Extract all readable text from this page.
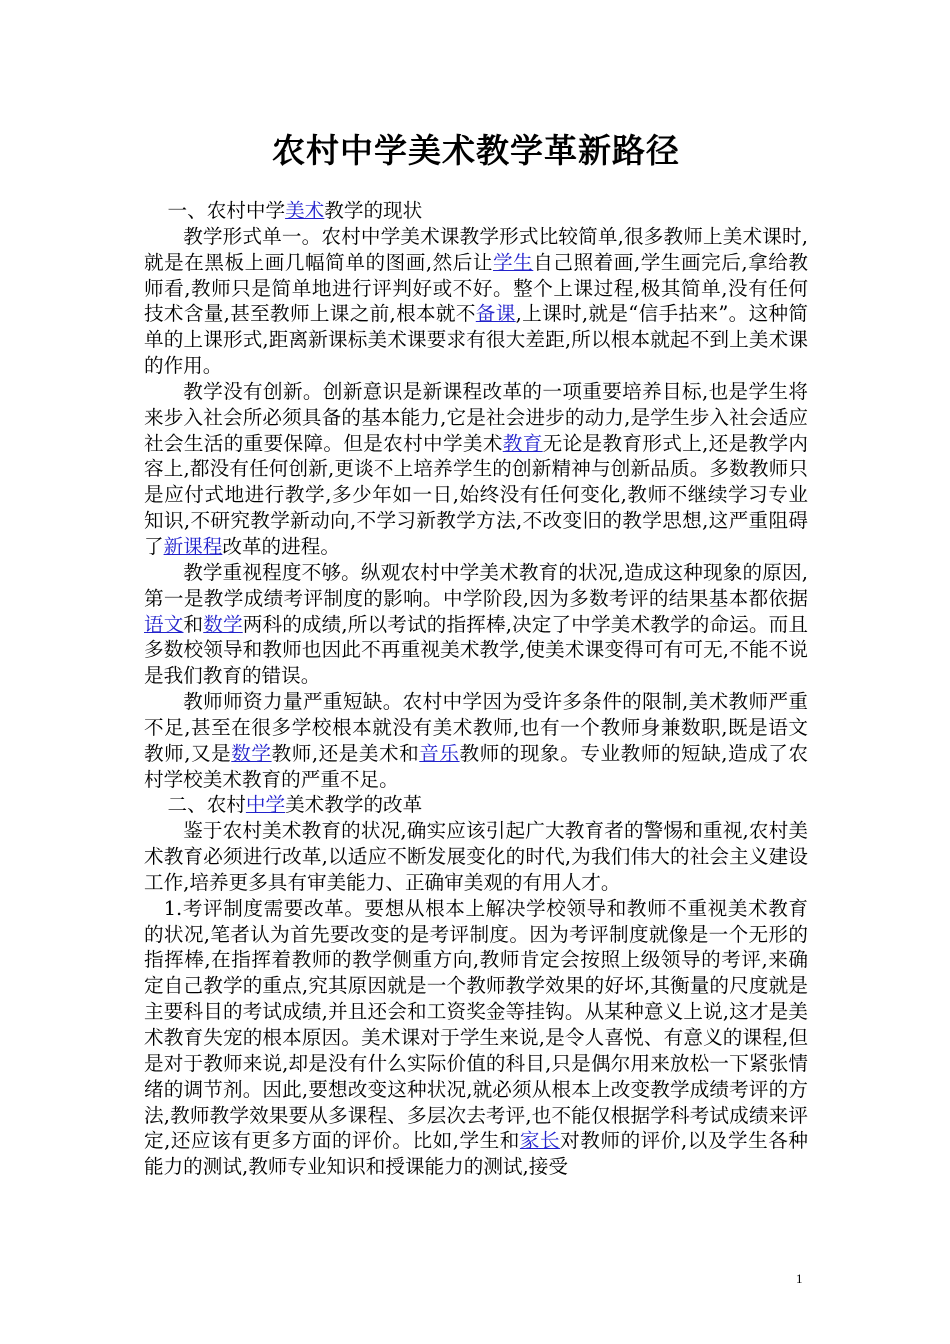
农村中学美术教学革新路径

一、农村中学美术教学的现状

教学形式单一。农村中学美术课教学形式比较简单,很多教师上美术课时,就是在黑板上画几幅简单的图画,然后让学生自己照着画,学生画完后,拿给教师看,教师只是简单地进行评判好或不好。整个上课过程,极其简单,没有任何技术含量,甚至教师上课之前,根本就不备课,上课时,就是“信手拈来”。这种简单的上课形式,距离新课标美术课要求有很大差距,所以根本就起不到上美术课的作用。

教学没有创新。创新意识是新课程改革的一项重要培养目标,也是学生将来步入社会所必须具备的基本能力,它是社会进步的动力,是学生步入社会适应社会生活的重要保障。但是农村中学美术教育无论是教育形式上,还是教学内容上,都没有任何创新,更谈不上培养学生的创新精神与创新品质。多数教师只是应付式地进行教学,多少年如一日,始终没有任何变化,教师不继续学习专业知识,不研究教学新动向,不学习新教学方法,不改变旧的教学思想,这严重阻碍了新课程改革的进程。

教学重视程度不够。纵观农村中学美术教育的状况,造成这种现象的原因,第一是教学成绩考评制度的影响。中学阶段,因为多数考评的结果基本都依据语文和数学两科的成绩,所以考试的指挥棒,决定了中学美术教学的命运。而且多数校领导和教师也因此不再重视美术教学,使美术课变得可有可无,不能不说是我们教育的错误。

教师师资力量严重短缺。农村中学因为受许多条件的限制,美术教师严重不足,甚至在很多学校根本就没有美术教师,也有一个教师身兼数职,既是语文教师,又是数学教师,还是美术和音乐教师的现象。专业教师的短缺,造成了农村学校美术教育的严重不足。

二、农村中学美术教学的改革

鉴于农村美术教育的状况,确实应该引起广大教育者的警惕和重视,农村美术教育必须进行改革,以适应不断发展变化的时代,为我们伟大的社会主义建设工作,培养更多具有审美能力、正确审美观的有用人才。

1.考评制度需要改革。要想从根本上解决学校领导和教师不重视美术教育的状况,笔者认为首先要改变的是考评制度。因为考评制度就像是一个无形的指挥棒,在指挥着教师的教学侧重方向,教师肯定会按照上级领导的考评,来确定自己教学的重点,究其原因就是一个教师教学效果的好坏,其衡量的尺度就是主要科目的考试成绩,并且还会和工资奖金等挂钩。从某种意义上说,这才是美术教育失宠的根本原因。美术课对于学生来说,是令人喜悦、有意义的课程,但是对于教师来说,却是没有什么实际价值的科目,只是偶尔用来放松一下紧张情绪的调节剂。因此,要想改变这种状况,就必须从根本上改变教学成绩考评的方法,教师教学效果要从多课程、多层次去考评,也不能仅根据学科考试成绩来评定,还应该有更多方面的评价。比如,学生和家长对教师的评价,以及学生各种能力的测试,教师专业知识和授课能力的测试,接受

1
